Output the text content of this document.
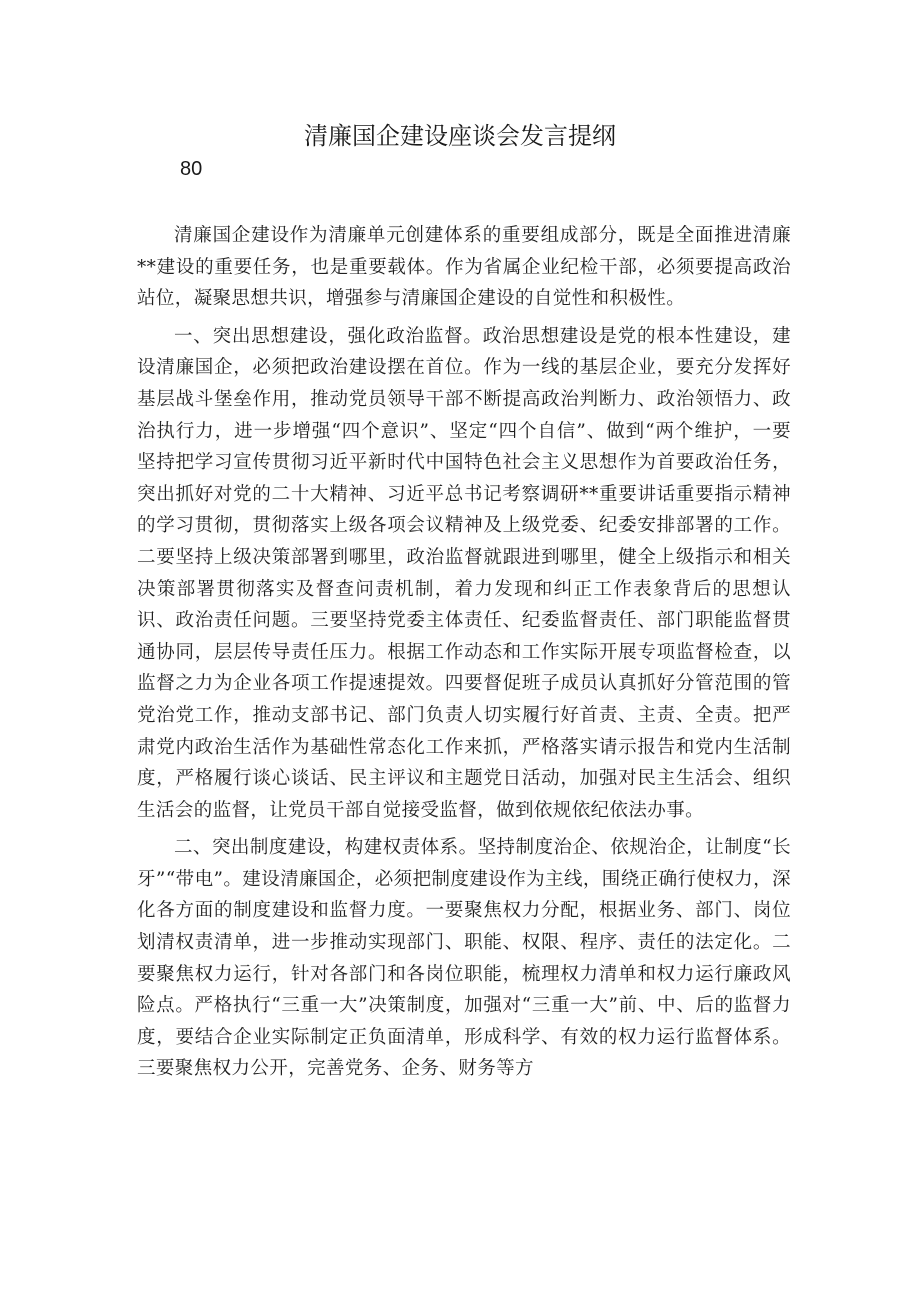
清廉国企建设座谈会发言提纲
80

清廉国企建设作为清廉单元创建体系的重要组成部分，既是全面推进清廉**建设的重要任务，也是重要载体。作为省属企业纪检干部，必须要提高政治站位，凝聚思想共识，增强参与清廉国企建设的自觉性和积极性。

一、突出思想建设，强化政治监督。政治思想建设是党的根本性建设，建设清廉国企，必须把政治建设摆在首位。作为一线的基层企业，要充分发挥好基层战斗堡垒作用，推动党员领导干部不断提高政治判断力、政治领悟力、政治执行力，进一步增强“四个意识”、坚定“四个自信”、做到“两个维护，一要坚持把学习宣传贯彻习近平新时代中国特色社会主义思想作为首要政治任务，突出抓好对党的二十大精神、习近平总书记考察调研**重要讲话重要指示精神的学习贯彻，贯彻落实上级各项会议精神及上级党委、纪委安排部署的工作。二要坚持上级决策部署到哪里，政治监督就跟进到哪里，健全上级指示和相关决策部署贯彻落实及督查问责机制，着力发现和纠正工作表象背后的思想认识、政治责任问题。三要坚持党委主体责任、纪委监督责任、部门职能监督贯通协同，层层传导责任压力。根据工作动态和工作实际开展专项监督检查，以监督之力为企业各项工作提速提效。四要督促班子成员认真抓好分管范围的管党治党工作，推动支部书记、部门负责人切实履行好首责、主责、全责。把严肃党内政治生活作为基础性常态化工作来抓，严格落实请示报告和党内生活制度，严格履行谈心谈话、民主评议和主题党日活动，加强对民主生活会、组织生活会的监督，让党员干部自觉接受监督，做到依规依纪依法办事。

二、突出制度建设，构建权责体系。坚持制度治企、依规治企，让制度“长牙”“带电”。建设清廉国企，必须把制度建设作为主线，围绕正确行使权力，深化各方面的制度建设和监督力度。一要聚焦权力分配，根据业务、部门、岗位划清权责清单，进一步推动实现部门、职能、权限、程序、责任的法定化。二要聚焦权力运行，针对各部门和各岗位职能，梳理权力清单和权力运行廉政风险点。严格执行“三重一大”决策制度，加强对“三重一大”前、中、后的监督力度，要结合企业实际制定正负面清单，形成科学、有效的权力运行监督体系。三要聚焦权力公开，完善党务、企务、财务等方
